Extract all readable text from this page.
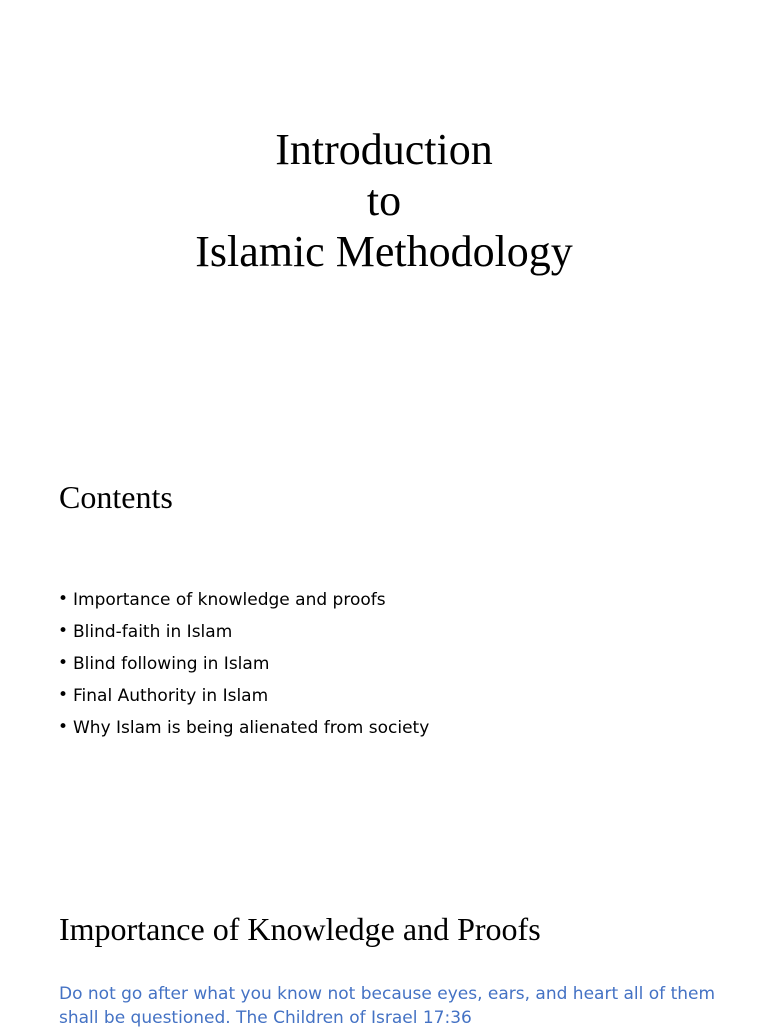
Introduction
to
Islamic Methodology
Contents
• Importance of knowledge and proofs
• Blind-faith in Islam
• Blind following in Islam
• Final Authority in Islam
• Why Islam is being alienated from society
Importance of Knowledge and Proofs

Do not go after what you know not because eyes, ears, and heart all of them shall be questioned. The Children of Israel 17:36
